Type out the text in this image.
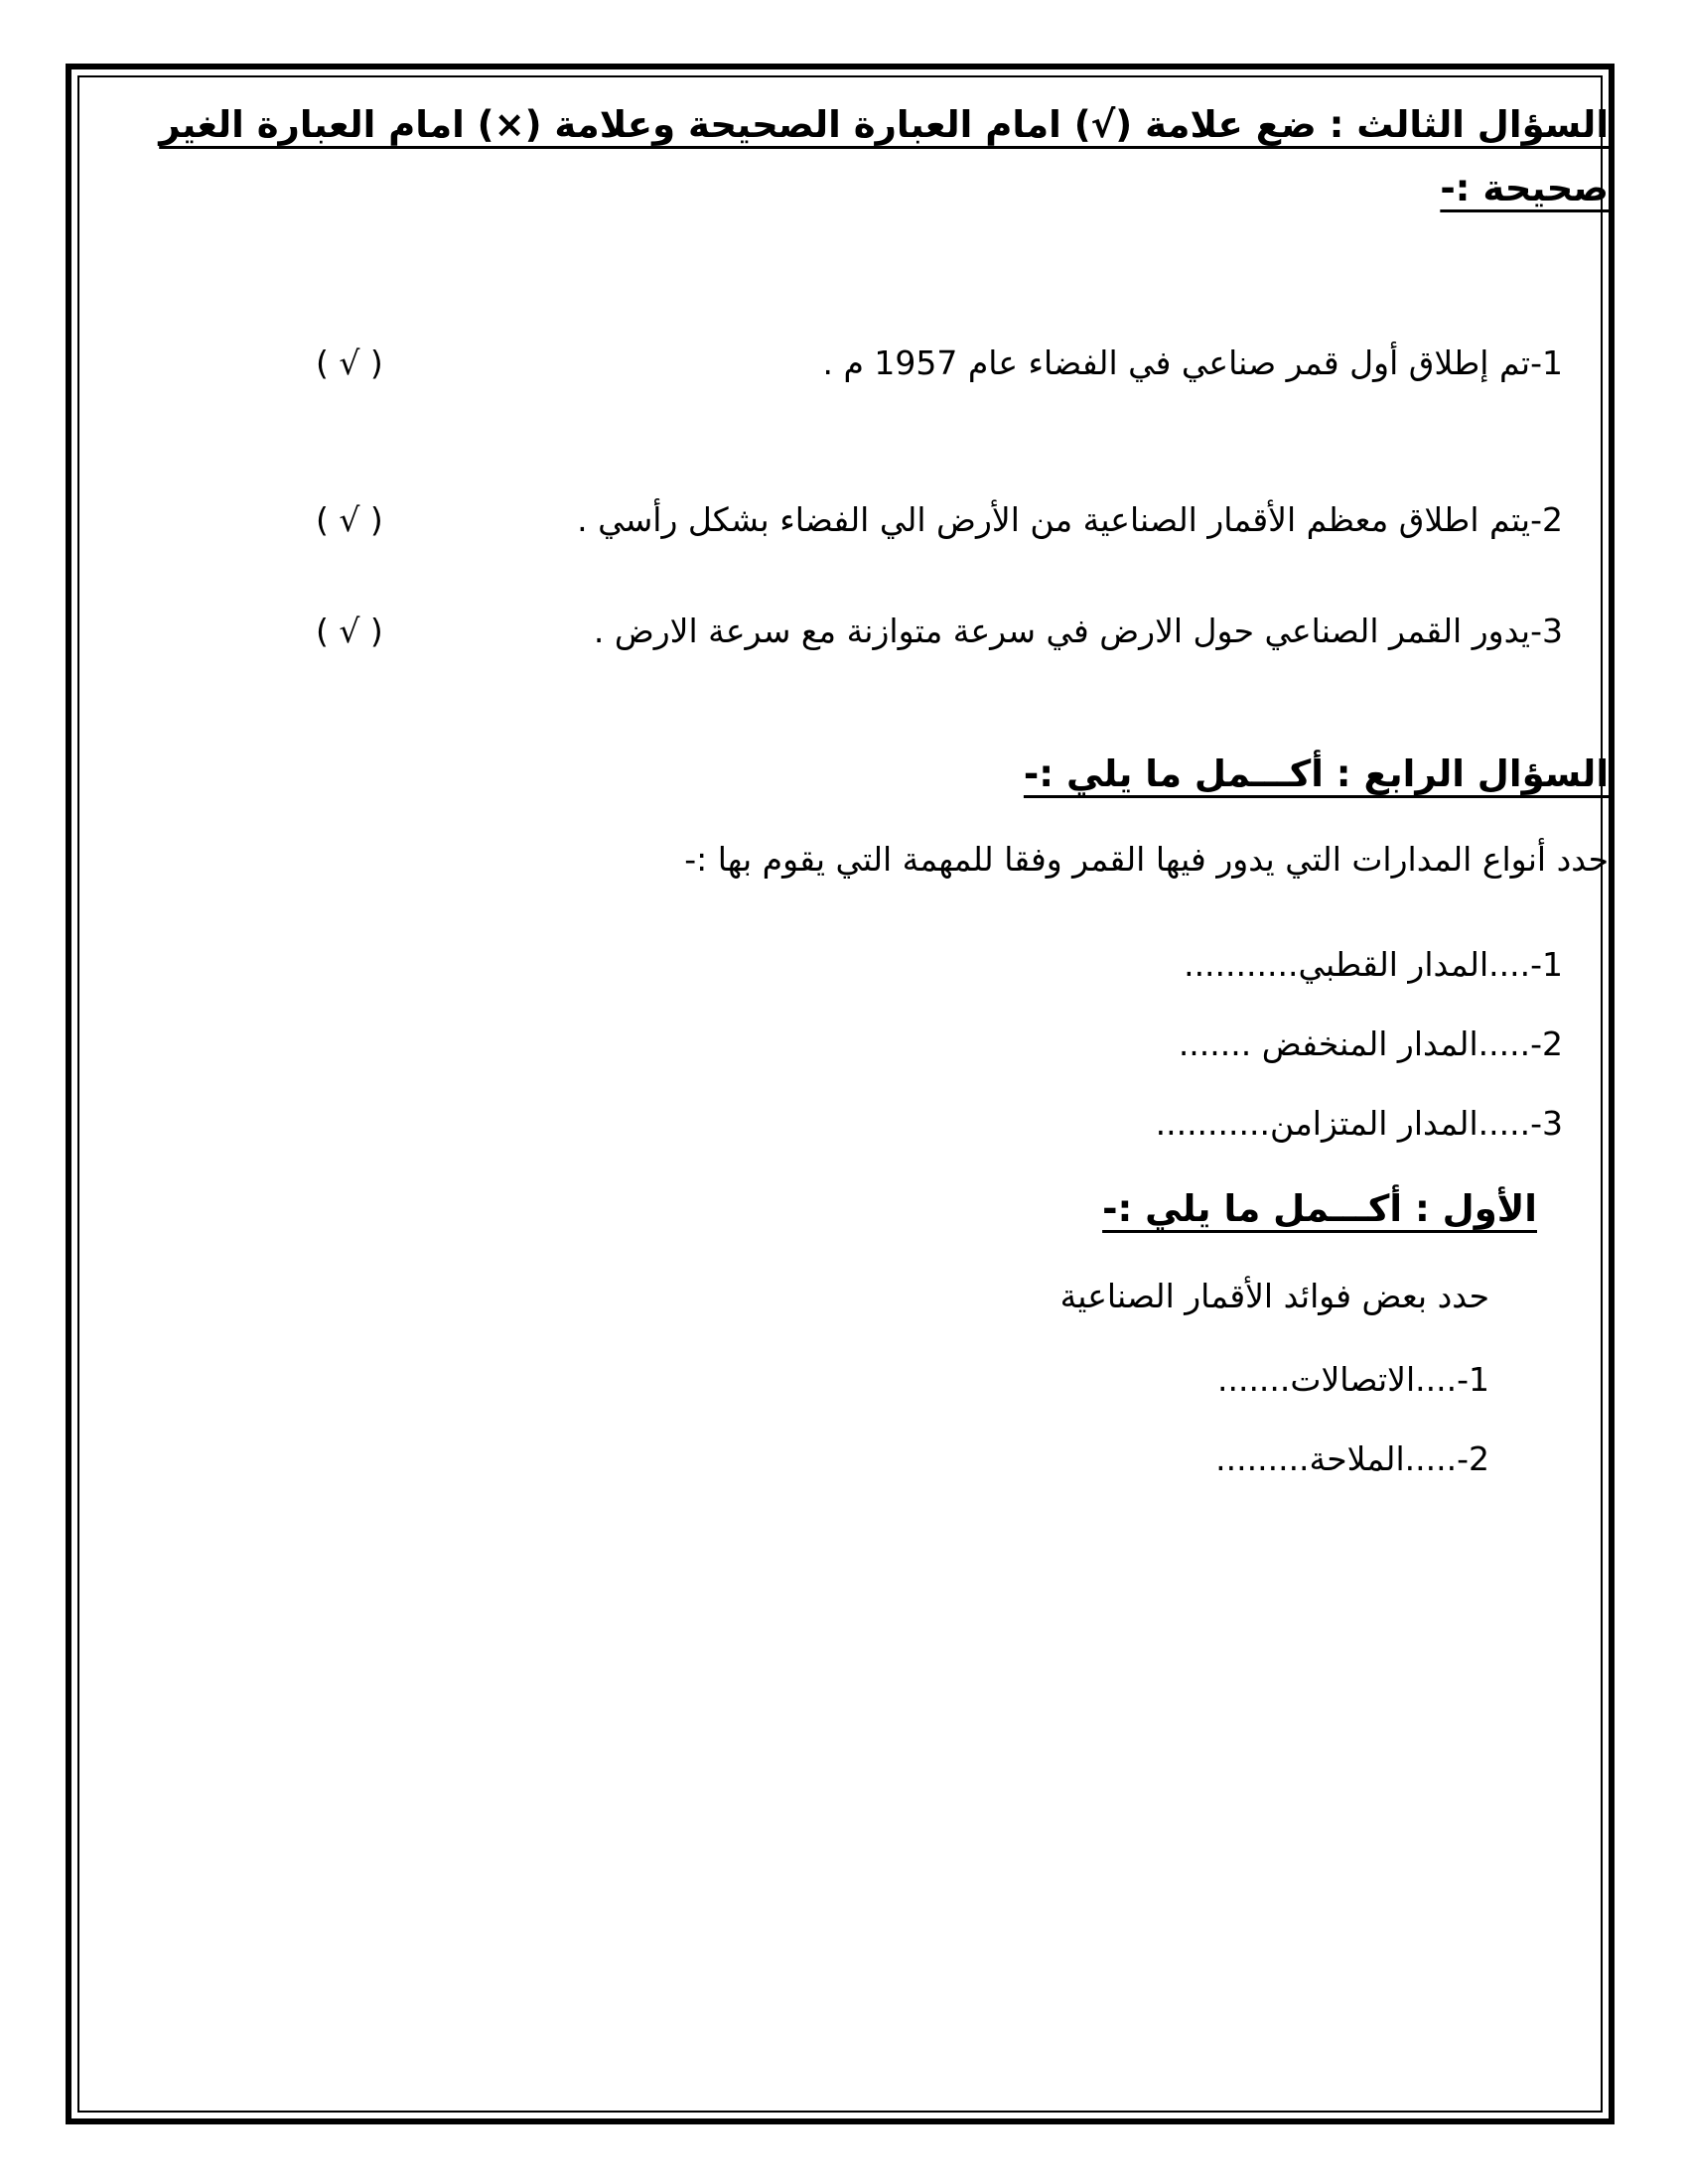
السؤال الثالث : ضع علامة (√) امام العبارة الصحيحة وعلامة (×) امام العبارة الغير
صحيحة :-
1-تم إطلاق أول قمر صناعي في الفضاء عام 1957 م .
( √ )
2-يتم اطلاق معظم الأقمار الصناعية من الأرض الي الفضاء بشكل رأسي .
( √ )
3-يدور القمر الصناعي حول الارض في سرعة متوازنة مع سرعة الارض .
( √ )
السؤال الرابع : أكـــمل ما يلي :-
حدد أنواع المدارات التي يدور فيها القمر وفقا للمهمة التي يقوم بها :-
1-....المدار القطبي...........
2-.....المدار المنخفض .......
3-.....المدار المتزامن...........
الأول : أكـــمل ما يلي :-
حدد بعض فوائد الأقمار الصناعية
1-....الاتصالات.......
2-.....الملاحة.........
